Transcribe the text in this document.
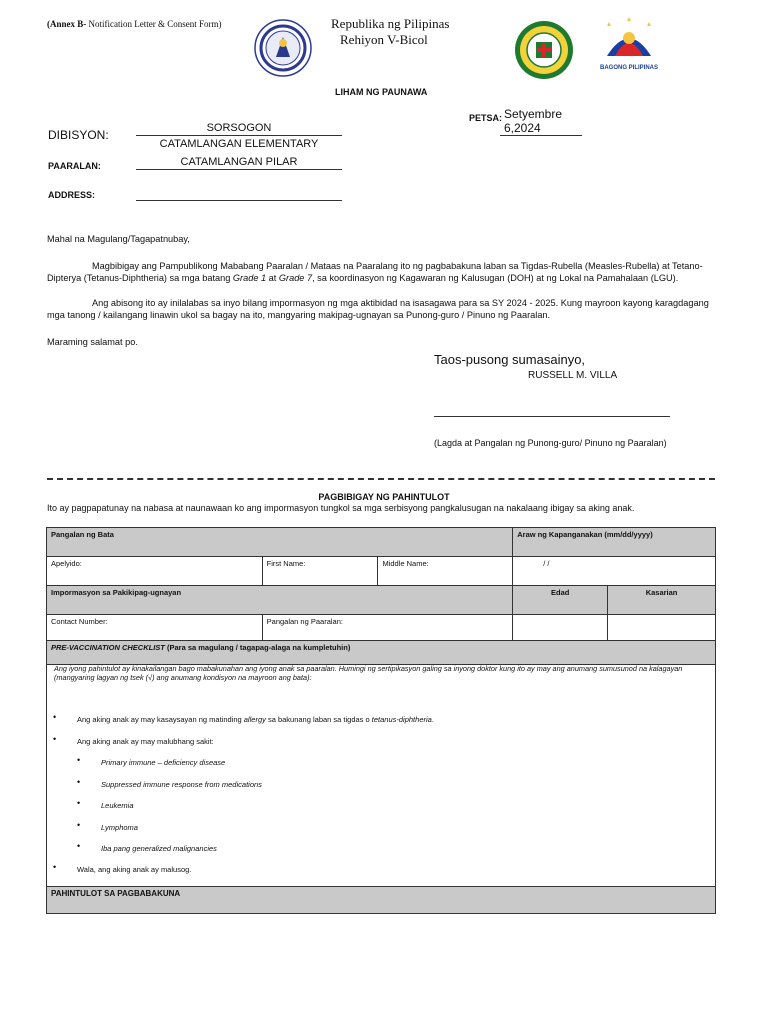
(Annex B- Notification Letter & Consent Form)	Republika ng Pilipinas
Rehiyon V-Bicol
BAGONG PILIPINAS
LIHAM NG PAUNAWA
PETSA: Setyembre 6,2024
DIBISYON:	SORSOGON
CATAMLANGAN ELEMENTARY
PAARALAN:	CATAMLANGAN PILAR
ADDRESS:
Mahal na Magulang/Tagapatnubay,
Magbibigay ang Pampublikong Mababang Paaralan / Mataas na Paaralang ito ng pagbabakuna laban sa Tigdas-Rubella (Measles-Rubella) at Tetano-Dipterya (Tetanus-Diphtheria) sa mga batang Grade 1 at Grade 7, sa koordinasyon ng Kagawaran ng Kalusugan (DOH) at ng Lokal na Pamahalaan (LGU).
Ang abisong ito ay inilalabas sa inyo bilang impormasyon ng mga aktibidad na isasagawa para sa SY 2024 - 2025. Kung mayroon kayong karagdagang mga tanong / kailangang linawin ukol sa bagay na ito, mangyaring makipag-ugnayan sa Punong-guro / Pinuno ng Paaralan.
Maraming salamat po.
Taos-pusong sumasainyo,
RUSSELL M. VILLA
(Lagda at Pangalan ng Punong-guro/ Pinuno ng Paaralan)
PAGBIBIGAY NG PAHINTULOT
Ito ay pagpapatunay na nabasa at naunawaan ko ang impormasyon tungkol sa mga serbisyong pangkalusugan na nakalaang ibigay sa aking anak.
Pangalan ng Bata			Araw ng Kapanganakan (mm/dd/yyyy)	
Apelyido:	First Name:	Middle Name:	/ /	
Impormasyon sa Pakikipag-ugnayan			Edad	Kasarian
Contact Number:	Pangalan ng Paaralan:			
PRE-VACCINATION CHECKLIST (Para sa magulang / tagapag-alaga na kumpletuhin)				
Ang iyong pahintulot ay kinakailangan bago mabakunahan ang iyong anak sa paaralan. Humingi ng sertipikasyon galing sa inyong doktor kung ito ay may ang anumang sumusunod na kalagayan (mangyaring lagyan ng tsek (√) ang anumang kondisyon na mayroon ang bata):
•	Ang aking anak ay may kasaysayan ng matinding allergy sa bakunang laban sa tigdas o tetanus-diphtheria.
•	Ang aking anak ay may malubhang sakit:
•	Primary immune – deficiency disease
•	Suppressed immune response from medications
•	Leukemia
•	Lymphoma
•	Iba pang generalized malignancies
•	Wala, ang aking anak ay malusog.
PAHINTULOT SA PAGBABAKUNA
